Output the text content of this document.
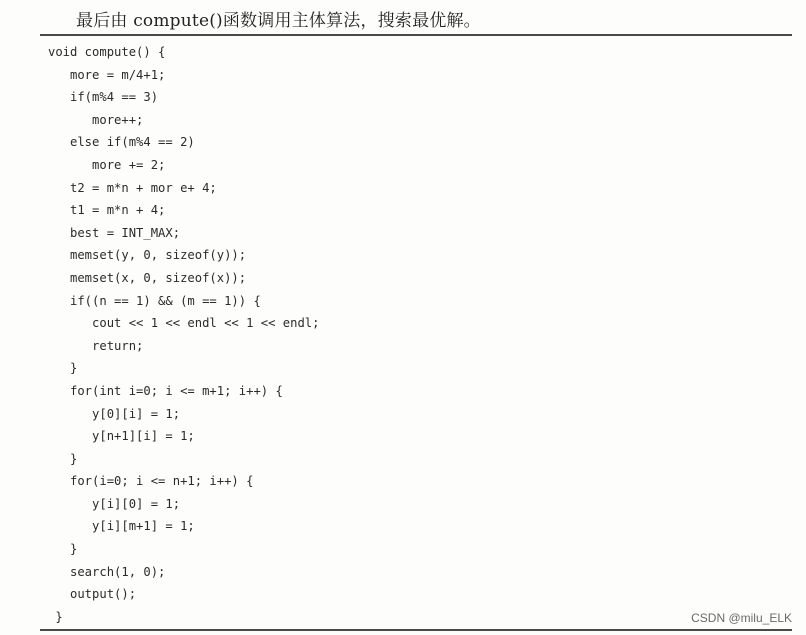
最后由 compute()函数调用主体算法，搜索最优解。
void compute() {
more = m/4+1;
if(m%4 == 3)
more++;
else if(m%4 == 2)
more += 2;
t2 = m*n + mor e+ 4;
t1 = m*n + 4;
best = INT_MAX;
memset(y, 0, sizeof(y));
memset(x, 0, sizeof(x));
if((n == 1) && (m == 1)) {
cout << 1 << endl << 1 << endl;
return;
}
for(int i=0; i <= m+1; i++) {
y[0][i] = 1;
y[n+1][i] = 1;
}
for(i=0; i <= n+1; i++) {
y[i][0] = 1;
y[i][m+1] = 1;
}
search(1, 0);
output();
}	CSDN @milu_ELK
